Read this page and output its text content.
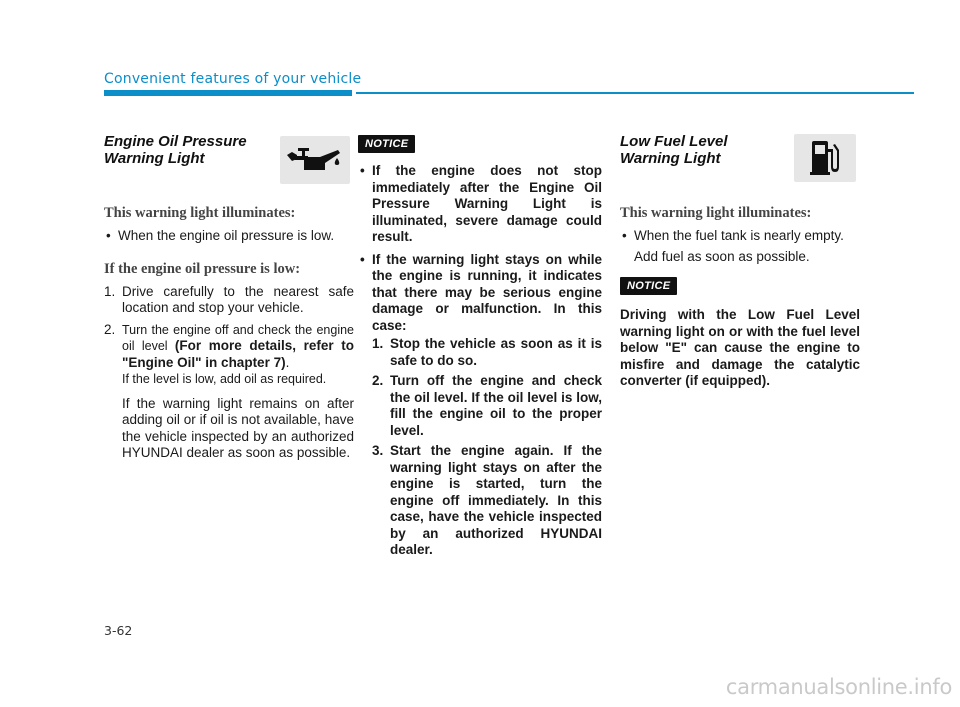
Convenient features of your vehicle
Engine Oil Pressure
Warning Light

This warning light illuminates:

• When the engine oil pressure is low.

If the engine oil pressure is low:

1. Drive carefully to the nearest safe location and stop your vehicle.
2. Turn the engine off and check the engine oil level (For more details, refer to "Engine Oil" in chapter 7).
If the level is low, add oil as required.
If the warning light remains on after adding oil or if oil is not available, have the vehicle inspected by an authorized HYUNDAI dealer as soon as possible.
NOTICE
• If the engine does not stop immediately after the Engine Oil Pressure Warning Light is illuminated, severe damage could result.
• If the warning light stays on while the engine is running, it indicates that there may be serious engine damage or malfunction. In this case:
1. Stop the vehicle as soon as it is safe to do so.
2. Turn off the engine and check the oil level. If the oil level is low, fill the engine oil to the proper level.
3. Start the engine again. If the warning light stays on after the engine is started, turn the engine off immediately. In this case, have the vehicle inspected by an authorized HYUNDAI dealer.
Low Fuel Level
Warning Light

This warning light illuminates:

• When the fuel tank is nearly empty.

Add fuel as soon as possible.

NOTICE

Driving with the Low Fuel Level warning light on or with the fuel level below "E" can cause the engine to misfire and damage the catalytic converter (if equipped).

3-62
carmanualsonline.info
